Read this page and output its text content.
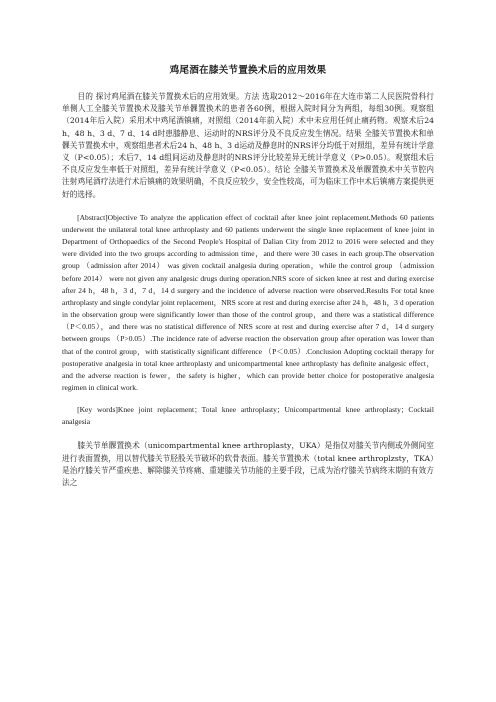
鸡尾酒在膝关节置换术后的应用效果

目的 探讨鸡尾酒在膝关节置换术后的应用效果。方法 选取2012～2016年在大连市第二人民医院骨科行单侧人工全膝关节置换术及膝关节单髁置换术的患者各60例，根据入院时间分为两组，每组30例。观察组（2014年后入院）采用术中鸡尾酒镇痛，对照组（2014年前入院）术中未应用任何止痛药物。观察术后24 h、48 h、3 d、7 d、14 d时患膝静息、运动时的NRS评分及不良反应发生情况。结果 全膝关节置换术和单髁关节置换术中，观察组患者术后24 h、48 h、3 d运动及静息时的NRS评分均低于对照组，差异有统计学意义（P<0.05）；术后7、14 d组间运动及静息时的NRS评分比较差异无统计学意义（P>0.05）。观察组术后不良反应发生率低于对照组，差异有统计学意义（P<0.05）。结论 全膝关节置换术及单髁置换术中关节腔内注射鸡尾酒疗法进行术后镇痛的效果明确，不良反应较少，安全性较高，可为临床工作中术后镇痛方案提供更好的选择。

[Abstract]Objective To analyze the application effect of cocktail after knee joint replacement.Methods 60 patients underwent the unilateral total knee arthroplasty and 60 patients underwent the single knee replacement of knee joint in Department of Orthopaedics of the Second People's Hospital of Dalian City from 2012 to 2016 were selected and they were divided into the two groups according to admission time，and there were 30 cases in each group.The observation group （admission after 2014） was given cocktail analgesia during operation，while the control group （admission before 2014） were not given any analgesic drugs during operation.NRS score of sicken knee at rest and during exercise after 24 h，48 h，3 d，7 d，14 d surgery and the incidence of adverse reaction were observed.Results For total knee arthroplasty and single condylar joint replacement，NRS score at rest and during exercise after 24 h，48 h，3 d operation in the observation group were significantly lower than those of the control group，and there was a statistical difference （P＜0.05），and there was no statistical difference of NRS score at rest and during exercise after 7 d，14 d surgery between groups （P>0.05）.The incidence rate of adverse reaction the observation group after operation was lower than that of the control group，with statistically significant difference （P＜0.05）.Conclusion Adopting cocktail therapy for postoperative analgesia in total knee arthroplasty and unicompartmental knee arthroplasty has definite analgesic effect，and the adverse reaction is fewer，the safety is higher，which can provide better choice for postoperative analgesia regimen in clinical work.

[Key words]Knee joint replacement；Total knee arthroplasty；Unicompartmental knee arthroplasty；Cocktail analgesia

膝关节单髁置换术（unicompartmental knee arthroplasty，UKA）是指仅对膝关节内侧或外侧间室进行表面置换，用以替代膝关节胫股关节破坏的软骨表面。膝关节置换术（total knee arthroplzsty，TKA）是治疗膝关节严重疾患、解除膝关节疼痛、重建膝关节功能的主要手段，已成为治疗膝关节病终末期的有效方法之
